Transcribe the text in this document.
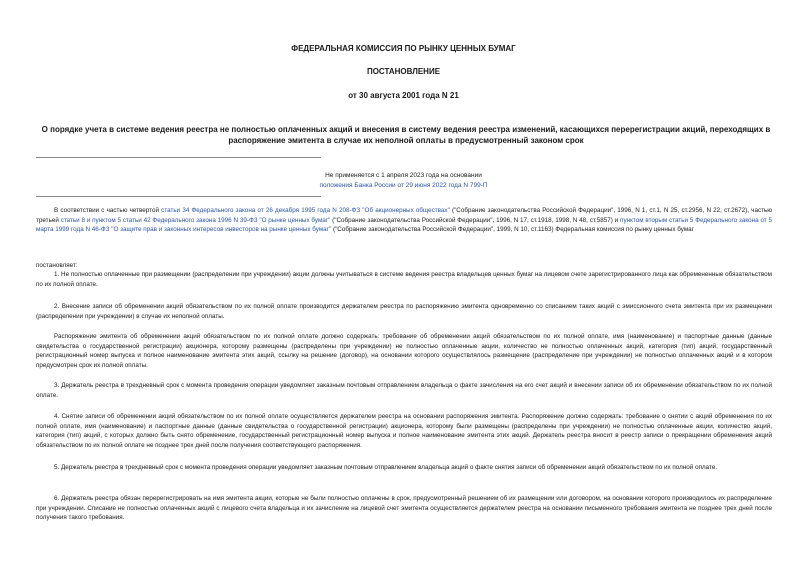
ФЕДЕРАЛЬНАЯ КОМИССИЯ ПО РЫНКУ ЦЕННЫХ БУМАГ
ПОСТАНОВЛЕНИЕ
от 30 августа 2001 года N 21
О порядке учета в системе ведения реестра не полностью оплаченных акций и внесения в систему ведения реестра изменений, касающихся перерегистрации акций, переходящих в распоряжение эмитента в случае их неполной оплаты в предусмотренный законом срок
Не применяется с 1 апреля 2023 года на основании
положения Банка России от 29 июня 2022 года N 799-П
В соответствии с частью четвертой статьи 34 Федерального закона от 26 декабря 1995 года N 208-ФЗ "Об акционерных обществах" ("Собрание законодательства Российской Федерации", 1996, N 1, ст.1, N 25, ст.2956, N 22, ст.2672), частью третьей статьи 8 и пунктом 5 статьи 42 Федерального закона 1996 N 39-ФЗ "О рынке ценных бумаг" ("Собрание законодательства Российской Федерации", 1996, N 17, ст.1918, 1998, N 48, ст.5857) и пунктом вторым статьи 5 Федерального закона от 5 марта 1999 года N 46-ФЗ "О защите прав и законных интересов инвесторов на рынке ценных бумаг" ("Собрание законодательства Российской Федерации", 1999, N 10, ст.1163) Федеральная комиссия по рынку ценных бумаг
постановляет:
1. Не полностью оплаченные при размещении (распределении при учреждении) акции должны учитываться в системе ведения реестра владельцев ценных бумаг на лицевом счете зарегистрированного лица как обремененные обязательством по их полной оплате.
2. Внесение записи об обременении акций обязательством по их полной оплате производится держателем реестра по распоряжению эмитента одновременно со списанием таких акций с эмиссионного счета эмитента при их размещении (распределении при учреждении) в случае их неполной оплаты.
Распоряжение эмитента об обременении акций обязательством по их полной оплате должно содержать: требование об обременении акций обязательством по их полной оплате, имя (наименование) и паспортные данные (данные свидетельства о государственной регистрации) акционера, которому размещены (распределены при учреждении) не полностью оплаченные акции, количество не полностью оплаченных акций, категория (тип) акций, государственный регистрационный номер выпуска и полное наименование эмитента этих акций, ссылку на решение (договор), на основании которого осуществлялось размещение (распределение при учреждении) не полностью оплаченных акций и в котором предусмотрен срок их полной оплаты.
3. Держатель реестра в трехдневный срок с момента проведения операции уведомляет заказным почтовым отправлением владельца о факте зачисления на его счет акций и внесении записи об их обременении обязательством по их полной оплате.
4. Снятие записи об обременении акций обязательством по их полной оплате осуществляется держателем реестра на основании распоряжения эмитента. Распоряжение должно содержать: требование о снятии с акций обременения по их полной оплате, имя (наименование) и паспортные данные (данные свидетельства о государственной регистрации) акционера, которому были размещены (распределены при учреждении) не полностью оплаченные акции, количество акций, категория (тип) акций, с которых должно быть снято обременение, государственный регистрационный номер выпуска и полное наименование эмитента этих акций. Держатель реестра вносит в реестр записи о прекращении обременения акций обязательством по их полной оплате не позднее трех дней после получения соответствующего распоряжения.
5. Держатель реестра в трехдневный срок с момента проведения операции уведомляет заказным почтовым отправлением владельца акций о факте снятия записи об обременении акций обязательством по их полной оплате.
6. Держатель реестра обязан перерегистрировать на имя эмитента акции, которые не были полностью оплачены в срок, предусмотренный решением об их размещении или договором, на основании которого производилось их распределение при учреждении. Списание не полностью оплаченных акций с лицевого счета владельца и их зачисление на лицевой счет эмитента осуществляется держателем реестра на основании письменного требования эмитента не позднее трех дней после получения такого требования.
